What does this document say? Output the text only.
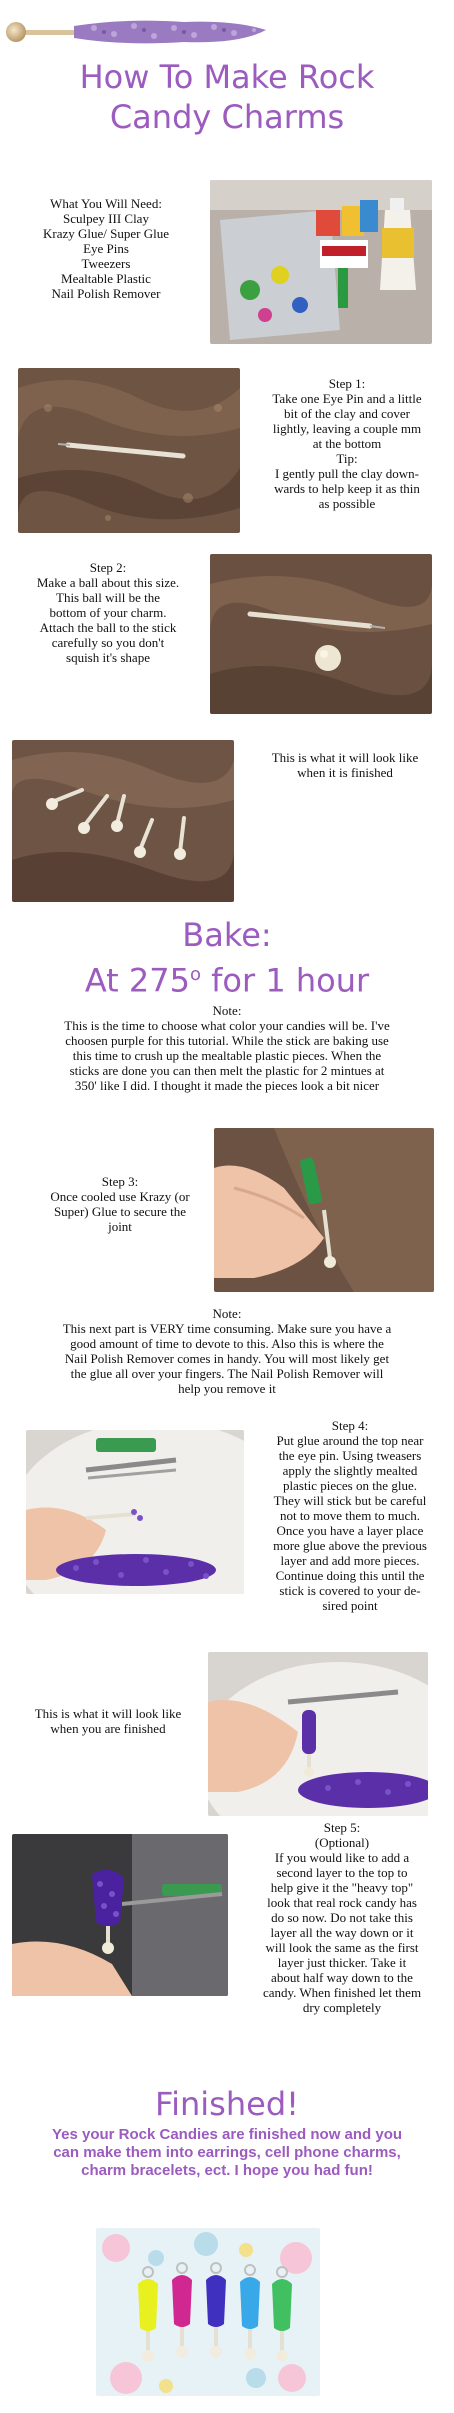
How To Make Rock
Candy Charms
What You Will Need:
Sculpey III Clay
Krazy Glue/ Super Glue
Eye Pins
Tweezers
Mealtable Plastic
Nail Polish Remover
Step 1:
Take one Eye Pin and a little
bit of the clay and cover
lightly, leaving a couple mm
at the bottom
Tip:
I gently pull the clay down-
wards to help keep it as thin
as possible
Step 2:
Make a ball about this size.
This ball will be the
bottom of your charm.
Attach the ball to the stick
carefully so you don't
squish it's shape
This is what it will look like
when it is finished
Bake:
At 275$^o$ for 1 hour
Note:
This is the time to choose what color your candies will be. I've
choosen purple for this tutorial. While the stick are baking use
this time to crush up the mealtable plastic pieces. When the
sticks are done you can then melt the plastic for 2 mintues at
350' like I did. I thought it made the pieces look a bit nicer
Step 3:
Once cooled use Krazy (or
Super) Glue to secure the
joint
Note:
This next part is VERY time consuming. Make sure you have a
good amount of time to devote to this. Also this is where the
Nail Polish Remover comes in handy. You will most likely get
the glue all over your fingers. The Nail Polish Remover will
help you remove it
Step 4:
Put glue around the top near
the eye pin. Using tweasers
apply the slightly mealted
plastic pieces on the glue.
They will stick but be careful
not to move them to much.
Once you have a layer place
more glue above the previous
layer and add more pieces.
Continue doing this until the
stick is covered to your de-
sired point
This is what it will look like
when you are finished
Step 5:
(Optional)
If you would like to add a
second layer to the top to
help give it the "heavy top"
look that real rock candy has
do so now. Do not take this
layer all the way down or it
will look the same as the first
layer just thicker. Take it
about half way down to the
candy. When finished let them
dry completely
Finished!
Yes your Rock Candies are finished now and you
can make them into earrings, cell phone charms,
charm bracelets, ect. I hope you had fun!
